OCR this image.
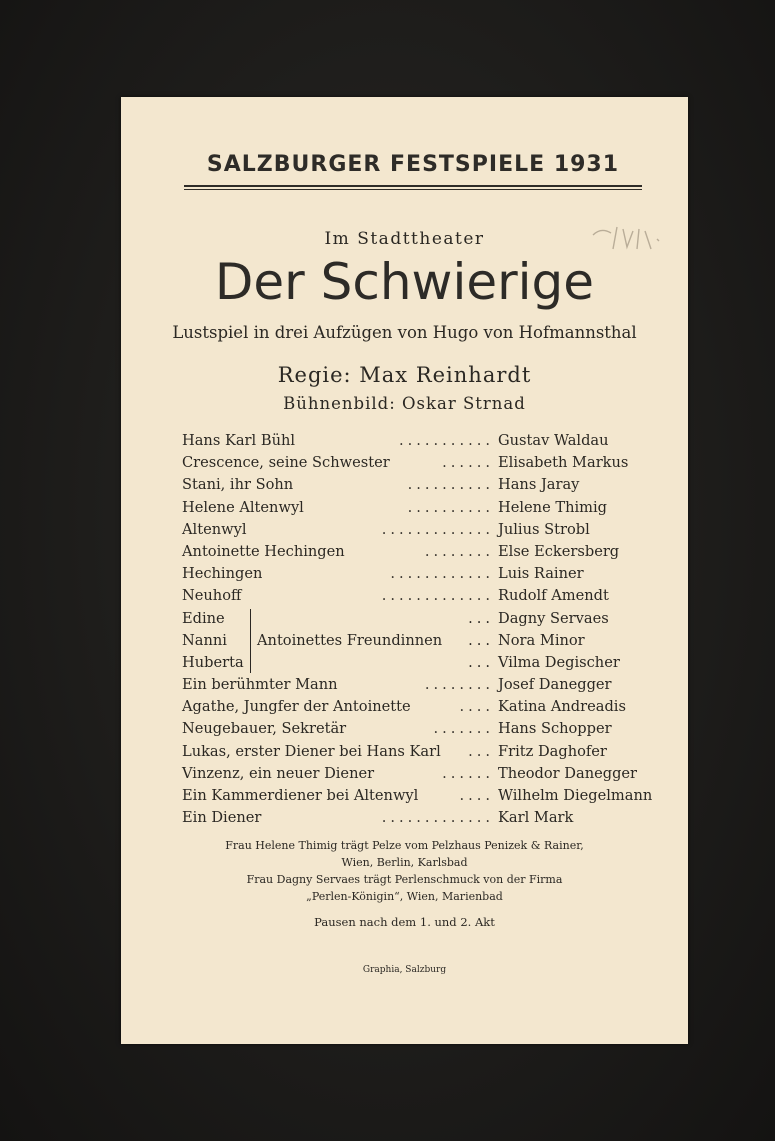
SALZBURGER FESTSPIELE 1931
Im Stadttheater
Der Schwierige
Lustspiel in drei Aufzügen von Hugo von Hofmannsthal
Regie: Max Reinhardt
Bühnenbild: Oskar Strnad
...........
Hans Karl Bühl	Gustav Waldau
......
Crescence, seine Schwester	Elisabeth Markus
..........
Stani, ihr Sohn	Hans Jaray
..........
Helene Altenwyl	Helene Thimig
.............
Altenwyl	Julius Strobl
........
Antoinette Hechingen	Else Eckersberg
............
Hechingen	Luis Rainer
.............
Neuhoff	Rudolf Amendt
Edine	... Dagny Servaes
Nanni	... Nora Minor
Huberta	... Vilma Degischer
Antoinettes Freundinnen
........
Ein berühmter Mann	Josef Danegger
....
Agathe, Jungfer der Antoinette	Katina Andreadis
.......
Neugebauer, Sekretär	Hans Schopper
...
Lukas, erster Diener bei Hans Karl	Fritz Daghofer
......
Vinzenz, ein neuer Diener	Theodor Danegger
....
Ein Kammerdiener bei Altenwyl	Wilhelm Diegelmann
.............
Ein Diener	Karl Mark
Frau Helene Thimig trägt Pelze vom Pelzhaus Penizek & Rainer,
Wien, Berlin, Karlsbad
Frau Dagny Servaes trägt Perlenschmuck von der Firma
„Perlen-Königin“, Wien, Marienbad
Pausen nach dem 1. und 2. Akt
Graphia, Salzburg
